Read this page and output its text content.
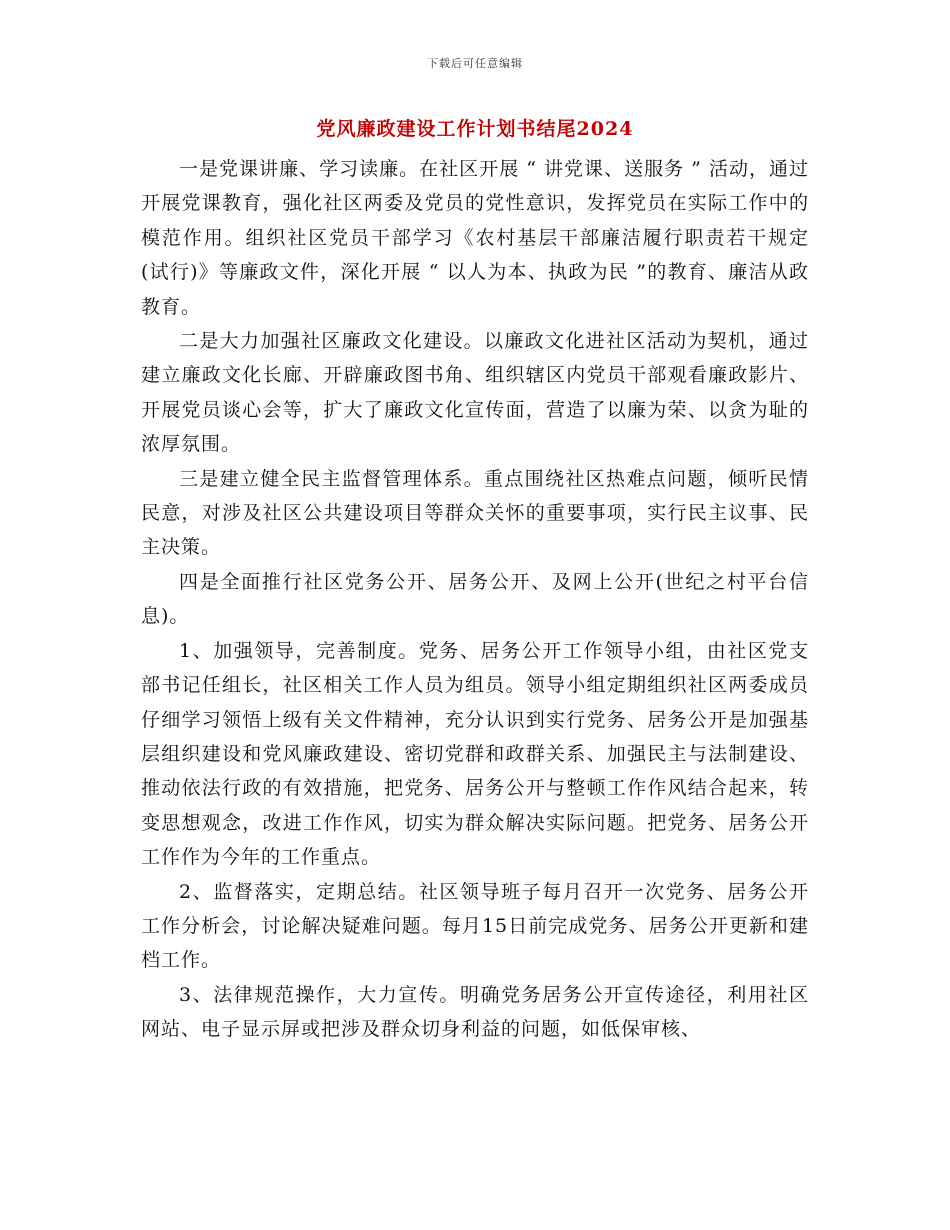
下载后可任意编辑
党风廉政建设工作计划书结尾2024

一是党课讲廉、学习读廉。在社区开展 “ 讲党课、送服务 ” 活动，通过开展党课教育，强化社区两委及党员的党性意识，发挥党员在实际工作中的模范作用。组织社区党员干部学习《农村基层干部廉洁履行职责若干规定(试行)》等廉政文件，深化开展 “ 以人为本、执政为民 ”的教育、廉洁从政教育。

二是大力加强社区廉政文化建设。以廉政文化进社区活动为契机，通过建立廉政文化长廊、开辟廉政图书角、组织辖区内党员干部观看廉政影片、开展党员谈心会等，扩大了廉政文化宣传面，营造了以廉为荣、以贪为耻的浓厚氛围。

三是建立健全民主监督管理体系。重点围绕社区热难点问题，倾听民情民意，对涉及社区公共建设项目等群众关怀的重要事项，实行民主议事、民主决策。

四是全面推行社区党务公开、居务公开、及网上公开(世纪之村平台信息)。

1、加强领导，完善制度。党务、居务公开工作领导小组，由社区党支部书记任组长，社区相关工作人员为组员。领导小组定期组织社区两委成员仔细学习领悟上级有关文件精神，充分认识到实行党务、居务公开是加强基层组织建设和党风廉政建设、密切党群和政群关系、加强民主与法制建设、推动依法行政的有效措施，把党务、居务公开与整顿工作作风结合起来，转变思想观念，改进工作作风，切实为群众解决实际问题。把党务、居务公开工作作为今年的工作重点。

2、监督落实，定期总结。社区领导班子每月召开一次党务、居务公开工作分析会，讨论解决疑难问题。每月15日前完成党务、居务公开更新和建档工作。

3、法律规范操作，大力宣传。明确党务居务公开宣传途径，利用社区网站、电子显示屏或把涉及群众切身利益的问题，如低保审核、
